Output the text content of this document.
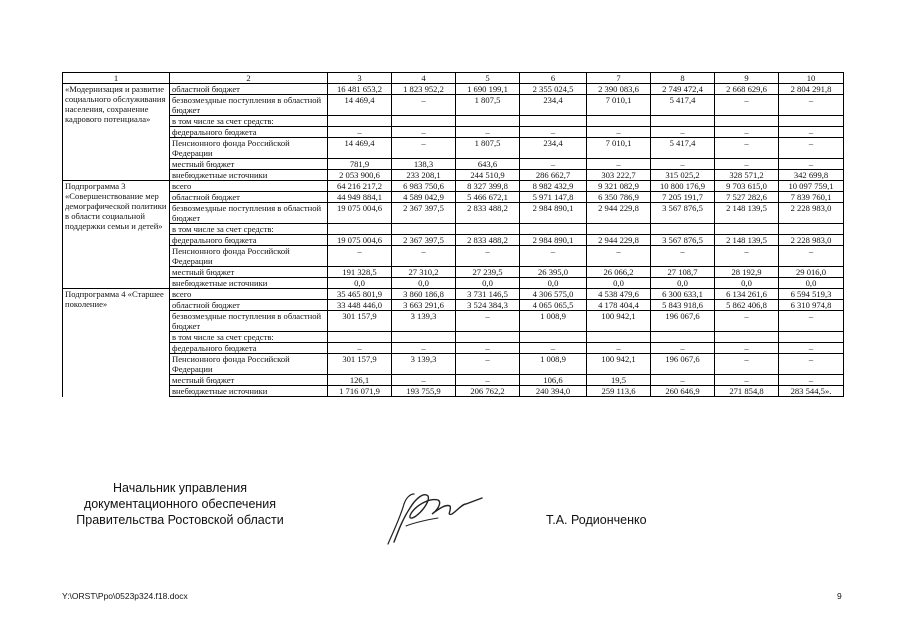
1	2	3	4	5	6	7	8	9	10
«Модернизация и развитие социального обслуживания населения, сохранение кадрового потенциала»	областной бюджет	16 481 653,2	1 823 952,2	1 690 199,1	2 355 024,5	2 390 083,6	2 749 472,4	2 668 629,6	2 804 291,8
	безвозмездные поступления в областной бюджет	14 469,4	–	1 807,5	234,4	7 010,1	5 417,4	–	–
	в том числе за счет средств:								
	федерального бюджета	–	–	–	–	–	–	–	–
	Пенсионного фонда Российской Федерации	14 469,4	–	1 807,5	234,4	7 010,1	5 417,4	–	–
	местный бюджет	781,9	138,3	643,6	–	–	–	–	–
	внебюджетные источники	2 053 900,6	233 208,1	244 510,9	286 662,7	303 222,7	315 025,2	328 571,2	342 699,8
Подпрограмма 3 «Совершенствование мер демографической политики в области социальной поддержки семьи и детей»	всего	64 216 217,2	6 983 750,6	8 327 399,8	8 982 432,9	9 321 082,9	10 800 176,9	9 703 615,0	10 097 759,1
	областной бюджет	44 949 884,1	4 589 042,9	5 466 672,1	5 971 147,8	6 350 786,9	7 205 191,7	7 527 282,6	7 839 760,1
	безвозмездные поступления в областной бюджет	19 075 004,6	2 367 397,5	2 833 488,2	2 984 890,1	2 944 229,8	3 567 876,5	2 148 139,5	2 228 983,0
	в том числе за счет средств:								
	федерального бюджета	19 075 004,6	2 367 397,5	2 833 488,2	2 984 890,1	2 944 229,8	3 567 876,5	2 148 139,5	2 228 983,0
	Пенсионного фонда Российской Федерации	–	–	–	–	–	–	–	–
	местный бюджет	191 328,5	27 310,2	27 239,5	26 395,0	26 066,2	27 108,7	28 192,9	29 016,0
	внебюджетные источники	0,0	0,0	0,0	0,0	0,0	0,0	0,0	0,0
Подпрограмма 4 «Старшее поколение»	всего	35 465 801,9	3 860 186,8	3 731 146,5	4 306 575,0	4 538 479,6	6 300 633,1	6 134 261,6	6 594 519,3
	областной бюджет	33 448 446,0	3 663 291,6	3 524 384,3	4 065 065,5	4 178 404,4	5 843 918,6	5 862 406,8	6 310 974,8
	безвозмездные поступления в областной бюджет	301 157,9	3 139,3	–	1 008,9	100 942,1	196 067,6	–	–
	в том числе за счет средств:								
	федерального бюджета	–	–	–	–	–	–	–	–
	Пенсионного фонда Российской Федерации	301 157,9	3 139,3	–	1 008,9	100 942,1	196 067,6	–	–
	местный бюджет	126,1	–	–	106,6	19,5	–	–	–
	внебюджетные источники	1 716 071,9	193 755,9	206 762,2	240 394,0	259 113,6	260 646,9	271 854,8	283 544,5».
Начальник управления
документационного обеспечения
Правительства Ростовской области	Т.А. Родионченко
Y:\ORST\Ppo\0523p324.f18.docx	9
